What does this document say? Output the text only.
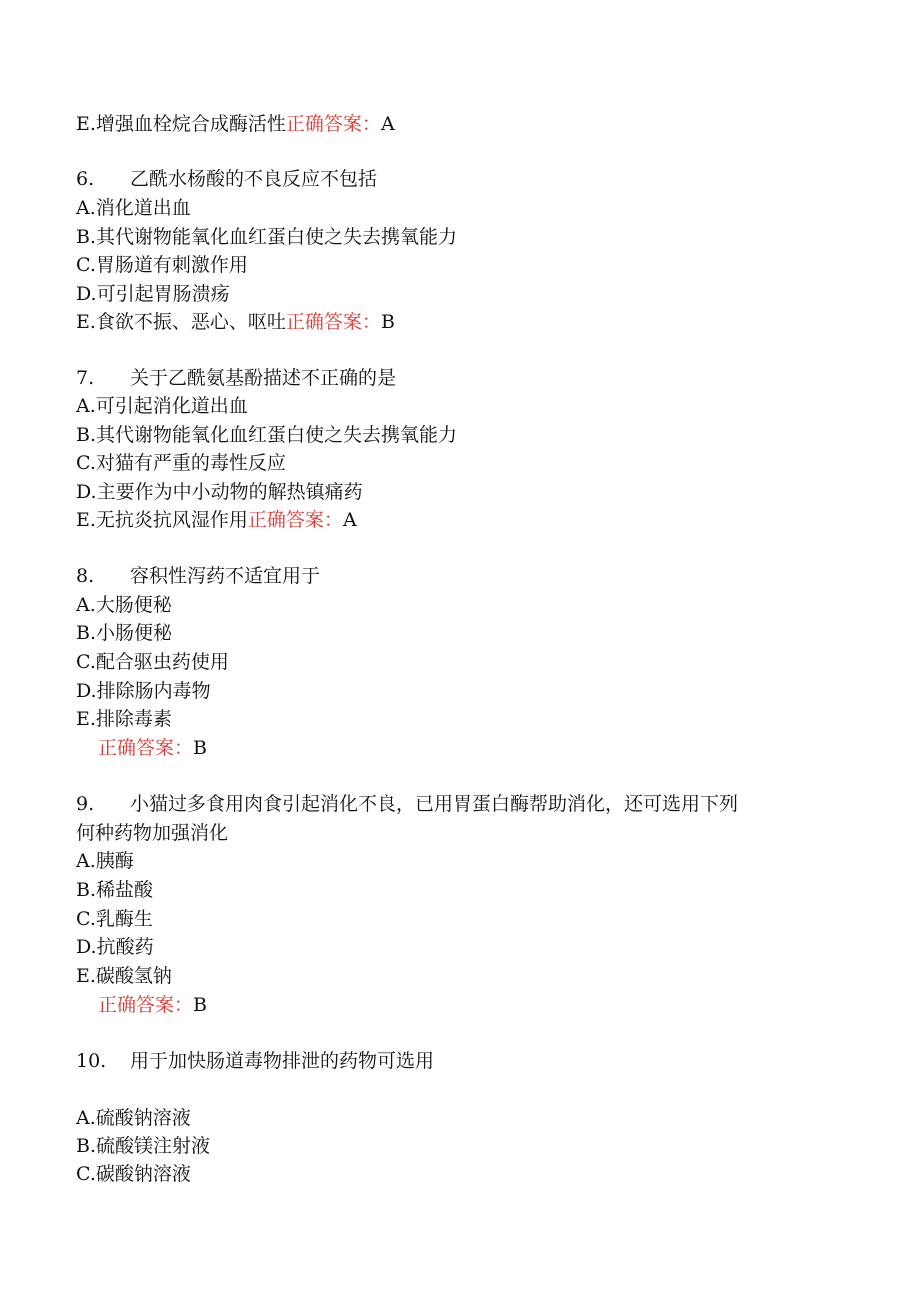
E.增强血栓烷合成酶活性正确答案：A
6. 乙酰水杨酸的不良反应不包括
A.消化道出血
B.其代谢物能氧化血红蛋白使之失去携氧能力
C.胃肠道有刺激作用
D.可引起胃肠溃疡
E.食欲不振、恶心、呕吐正确答案：B
7. 关于乙酰氨基酚描述不正确的是
A.可引起消化道出血
B.其代谢物能氧化血红蛋白使之失去携氧能力
C.对猫有严重的毒性反应
D.主要作为中小动物的解热镇痛药
E.无抗炎抗风湿作用正确答案：A
8. 容积性泻药不适宜用于
A.大肠便秘
B.小肠便秘
C.配合驱虫药使用
D.排除肠内毒物
E.排除毒素
正确答案：B
9. 小猫过多食用肉食引起消化不良，已用胃蛋白酶帮助消化，还可选用下列
何种药物加强消化
A.胰酶
B.稀盐酸
C.乳酶生
D.抗酸药
E.碳酸氢钠
正确答案：B
10. 用于加快肠道毒物排泄的药物可选用
A.硫酸钠溶液
B.硫酸镁注射液
C.碳酸钠溶液
